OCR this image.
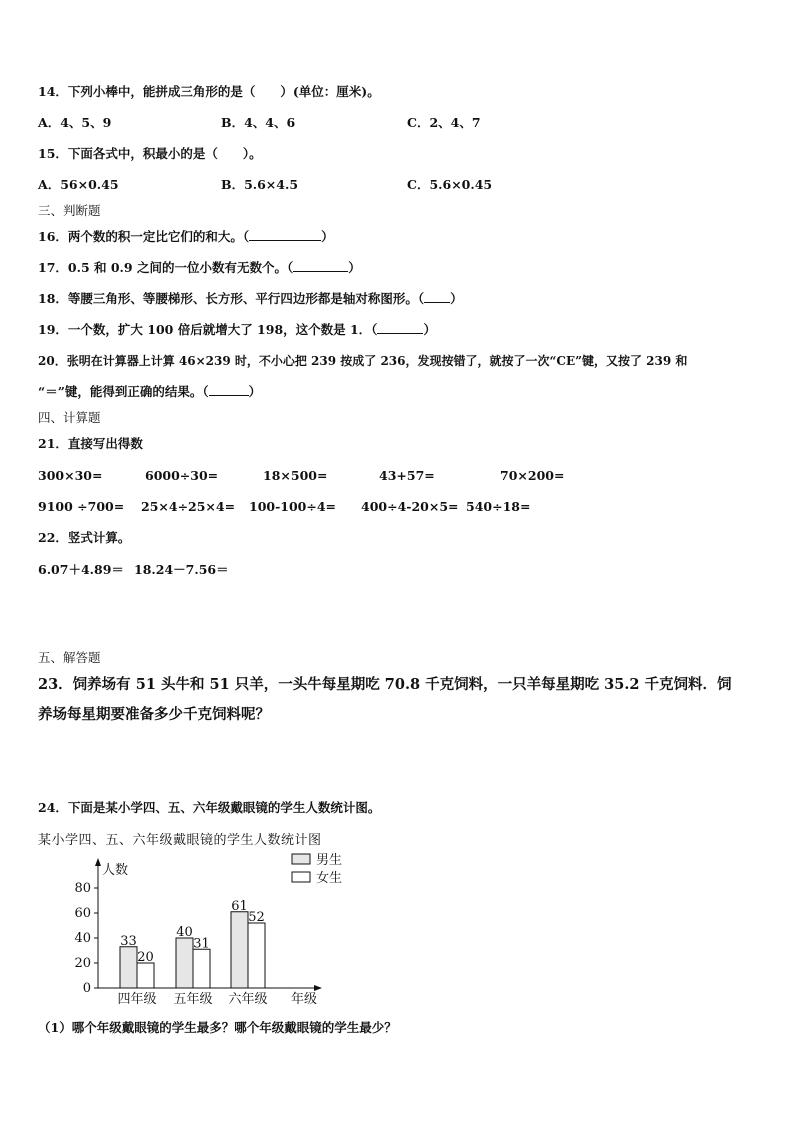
14．下列小棒中，能拼成三角形的是（　　）(单位：厘米)。
A．4、5、9	B．4、4、6	C．2、4、7
15．下面各式中，积最小的是（　　）。
A．56×0.45	B．5.6×4.5	C．5.6×0.45
三、判断题
16．两个数的积一定比它们的和大。（	）
17．0.5 和 0.9 之间的一位小数有无数个。（	）
18．等腰三角形、等腰梯形、长方形、平行四边形都是轴对称图形。（ ）
19．一个数，扩大 100 倍后就增大了 198，这个数是 1．（	）
20．张明在计算器上计算 46×239 时，不小心把 239 按成了 236，发现按错了，就按了一次“CE”键，又按了 239 和
“＝”键，能得到正确的结果。（	）
四、计算题
21．直接写出得数
300×30=	6000÷30=	18×500=	43+57=	70×200=
9100 ÷700= 25×4÷25×4= 100-100÷4= 400÷4-20×5= 540÷18=
22．竖式计算。
6.07＋4.89＝ 18.24－7.56＝
五、解答题
23．饲养场有 51 头牛和 51 只羊，一头牛每星期吃 70.8 千克饲料，一只羊每星期吃 35.2 千克饲料．饲
养场每星期要准备多少千克饲料呢？
24．下面是某小学四、五、六年级戴眼镜的学生人数统计图。
某小学四、五、六年级戴眼镜的学生人数统计图
人数
0
20
40
60
80
33
20
四年级
40
31
五年级
61
52
六年级 年级
男生
女生
（1）哪个年级戴眼镜的学生最多？哪个年级戴眼镜的学生最少？
